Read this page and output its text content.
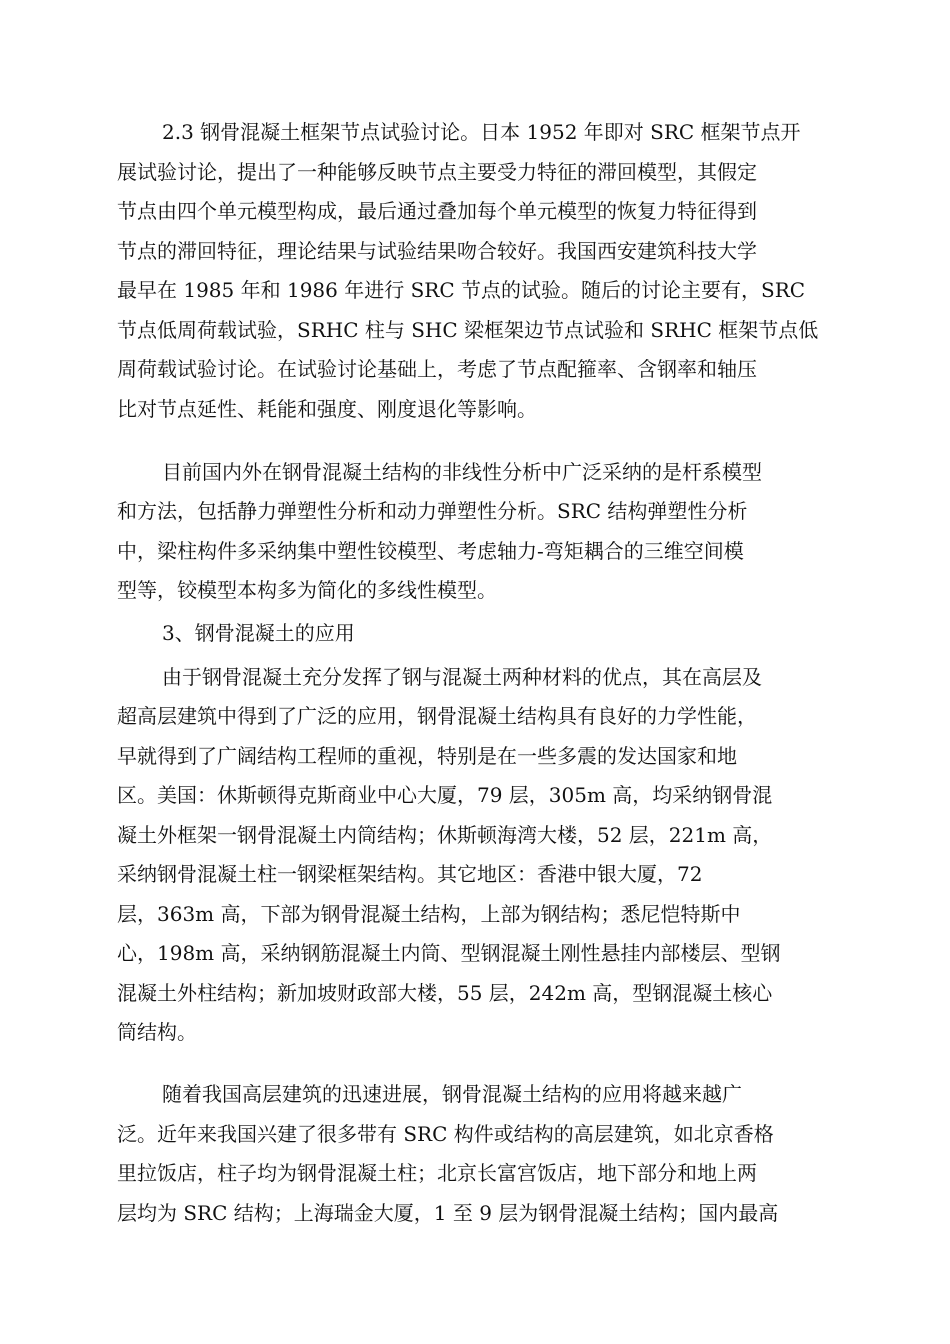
2.3 钢骨混凝土框架节点试验讨论。日本 1952 年即对 SRC 框架节点开
展试验讨论，提出了一种能够反映节点主要受力特征的滞回模型，其假定
节点由四个单元模型构成，最后通过叠加每个单元模型的恢复力特征得到
节点的滞回特征，理论结果与试验结果吻合较好。我国西安建筑科技大学
最早在 1985 年和 1986 年进行 SRC 节点的试验。随后的讨论主要有，SRC
节点低周荷载试验，SRHC 柱与 SHC 梁框架边节点试验和 SRHC 框架节点低
周荷载试验讨论。在试验讨论基础上，考虑了节点配箍率、含钢率和轴压
比对节点延性、耗能和强度、刚度退化等影响。
目前国内外在钢骨混凝土结构的非线性分析中广泛采纳的是杆系模型
和方法，包括静力弹塑性分析和动力弹塑性分析。SRC 结构弹塑性分析
中，梁柱构件多采纳集中塑性铰模型、考虑轴力-弯矩耦合的三维空间模
型等，铰模型本构多为简化的多线性模型。
3、钢骨混凝土的应用
由于钢骨混凝土充分发挥了钢与混凝土两种材料的优点，其在高层及
超高层建筑中得到了广泛的应用，钢骨混凝土结构具有良好的力学性能，
早就得到了广阔结构工程师的重视，特别是在一些多震的发达国家和地
区。美国：休斯顿得克斯商业中心大厦，79 层，305m 高，均采纳钢骨混
凝土外框架一钢骨混凝土内筒结构；休斯顿海湾大楼，52 层，221m 高，
采纳钢骨混凝土柱一钢梁框架结构。其它地区：香港中银大厦，72
层，363m 高，下部为钢骨混凝土结构，上部为钢结构；悉尼恺特斯中
心，198m 高，采纳钢筋混凝土内筒、型钢混凝土刚性悬挂内部楼层、型钢
混凝土外柱结构；新加坡财政部大楼，55 层，242m 高，型钢混凝土核心
筒结构。
随着我国高层建筑的迅速进展，钢骨混凝土结构的应用将越来越广
泛。近年来我国兴建了很多带有 SRC 构件或结构的高层建筑，如北京香格
里拉饭店，柱子均为钢骨混凝土柱；北京长富宫饭店，地下部分和地上两
层均为 SRC 结构；上海瑞金大厦，1 至 9 层为钢骨混凝土结构；国内最高
